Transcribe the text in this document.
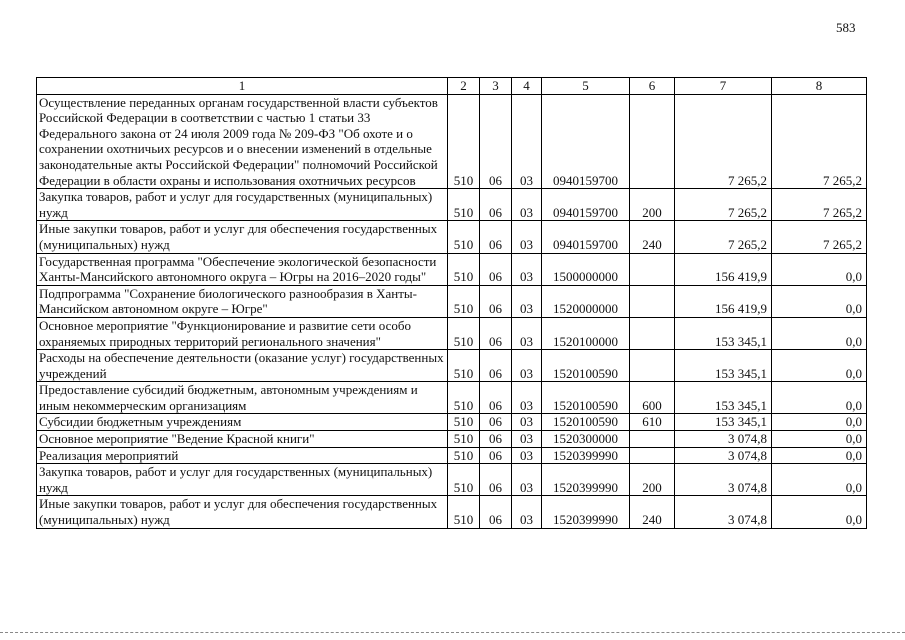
583
1	2	3	4	5	6	7	8
Осуществление переданных органам государственной власти субъектов Российской Федерации в соответствии с частью 1 статьи 33 Федерального закона от 24 июля 2009 года № 209-ФЗ "Об охоте и о сохранении охотничьих ресурсов и о внесении изменений в отдельные законодательные акты Российской Федерации" полномочий Российской Федерации в области охраны и использования охотничьих ресурсов	510	06	03	0940159700		7 265,2	7 265,2
Закупка товаров, работ и услуг для государственных (муниципальных) нужд	510	06	03	0940159700	200	7 265,2	7 265,2
Иные закупки товаров, работ и услуг для обеспечения государственных (муниципальных) нужд	510	06	03	0940159700	240	7 265,2	7 265,2
Государственная программа "Обеспечение экологической безопасности Ханты-Мансийского автономного округа – Югры на 2016–2020 годы"	510	06	03	1500000000		156 419,9	0,0
Подпрограмма "Сохранение биологического разнообразия в Ханты-Мансийском автономном округе – Югре"	510	06	03	1520000000		156 419,9	0,0
Основное мероприятие "Функционирование и развитие сети особо охраняемых природных территорий регионального значения"	510	06	03	1520100000		153 345,1	0,0
Расходы на обеспечение деятельности (оказание услуг) государственных учреждений	510	06	03	1520100590		153 345,1	0,0
Предоставление субсидий бюджетным, автономным учреждениям и иным некоммерческим организациям	510	06	03	1520100590	600	153 345,1	0,0
Субсидии бюджетным учреждениям	510	06	03	1520100590	610	153 345,1	0,0
Основное мероприятие "Ведение Красной книги"	510	06	03	1520300000		3 074,8	0,0
Реализация мероприятий	510	06	03	1520399990		3 074,8	0,0
Закупка товаров, работ и услуг для государственных (муниципальных) нужд	510	06	03	1520399990	200	3 074,8	0,0
Иные закупки товаров, работ и услуг для обеспечения государственных (муниципальных) нужд	510	06	03	1520399990	240	3 074,8	0,0
